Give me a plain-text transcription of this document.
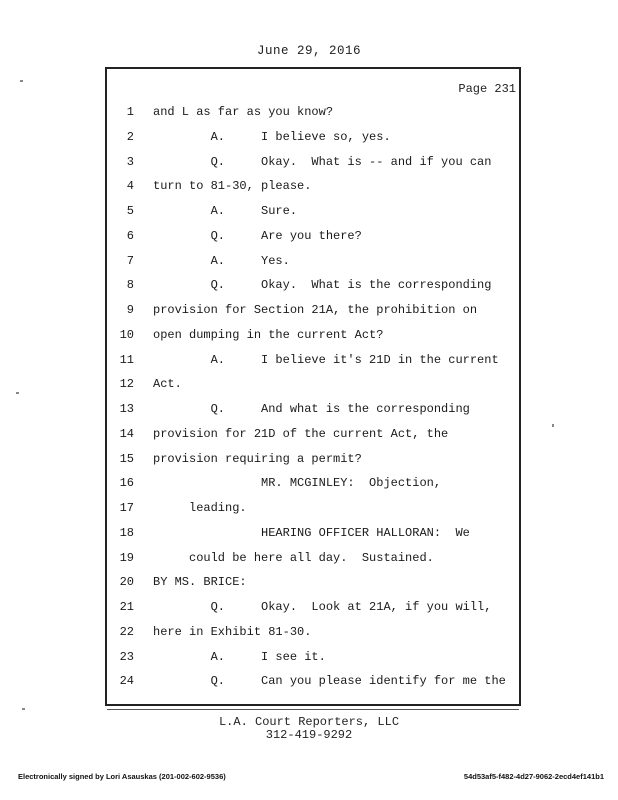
June 29, 2016
Page 231
1 and L as far as you know?
2 A.     I believe so, yes.
3 Q.     Okay.  What is -- and if you can
4 turn to 81-30, please.
5 A.     Sure.
6 Q.     Are you there?
7 A.     Yes.
8 Q.     Okay.  What is the corresponding
9 provision for Section 21A, the prohibition on
10 open dumping in the current Act?
11 A.     I believe it's 21D in the current
12 Act.
13 Q.     And what is the corresponding
14 provision for 21D of the current Act, the
15 provision requiring a permit?
16 MR. MCGINLEY:  Objection,
17 leading.
18 HEARING OFFICER HALLORAN:  We
19 could be here all day.  Sustained.
20 BY MS. BRICE:
21 Q.     Okay.  Look at 21A, if you will,
22 here in Exhibit 81-30.
23 A.     I see it.
24 Q.     Can you please identify for me the
L.A. Court Reporters, LLC
312-419-9292
Electronically signed by Lori Asauskas (201-002-602-9536)	54d53af5-f482-4d27-9062-2ecd4ef141b1
